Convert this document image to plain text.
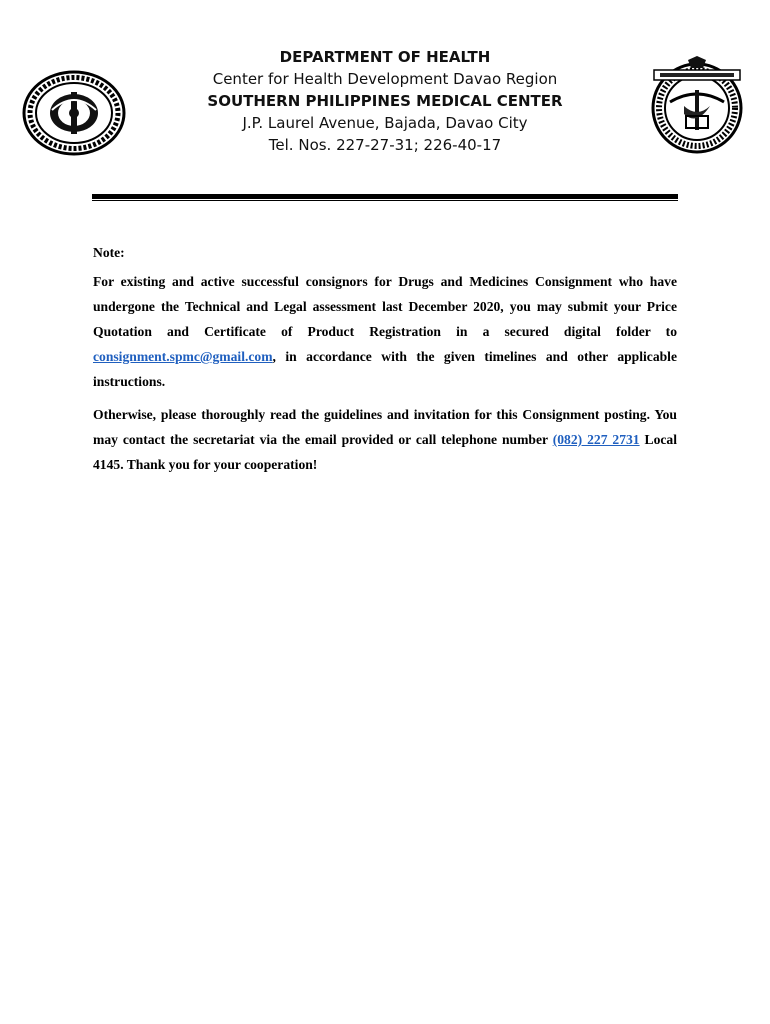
DEPARTMENT OF HEALTH
Center for Health Development Davao Region
SOUTHERN PHILIPPINES MEDICAL CENTER
J.P. Laurel Avenue, Bajada, Davao City
Tel. Nos. 227-27-31; 226-40-17

Note:

For existing and active successful consignors for Drugs and Medicines Consignment who have undergone the Technical and Legal assessment last December 2020, you may submit your Price Quotation and Certificate of Product Registration in a secured digital folder to consignment.spmc@gmail.com, in accordance with the given timelines and other applicable instructions.

Otherwise, please thoroughly read the guidelines and invitation for this Consignment posting. You may contact the secretariat via the email provided or call telephone number (082) 227 2731 Local 4145. Thank you for your cooperation!
